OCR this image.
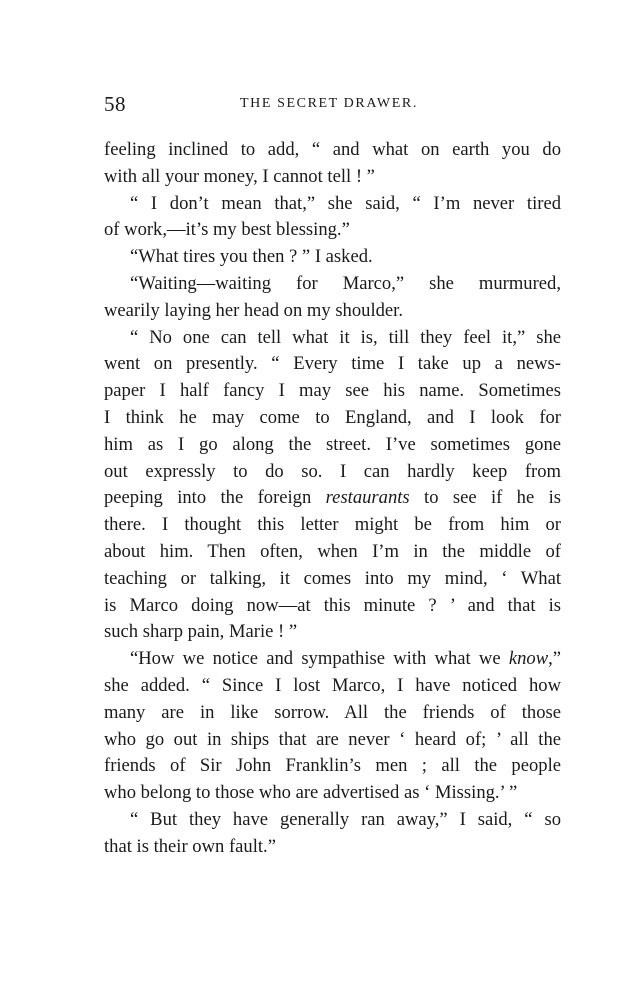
58	THE SECRET DRAWER.
feeling inclined to add, “ and what on earth you do
with all your money, I cannot tell ! ”
“ I don’t mean that,” she said, “ I’m never tired
of work,—it’s my best blessing.”
“What tires you then ? ” I asked.
“Waiting—waiting for Marco,” she murmured,
wearily laying her head on my shoulder.
“ No one can tell what it is, till they feel it,” she
went on presently. “ Every time I take up a news-
paper I half fancy I may see his name. Sometimes
I think he may come to England, and I look for
him as I go along the street. I’ve sometimes gone
out expressly to do so. I can hardly keep from
peeping into the foreign restaurants to see if he is
there. I thought this letter might be from him or
about him. Then often, when I’m in the middle of
teaching or talking, it comes into my mind, ‘ What
is Marco doing now—at this minute ? ’ and that is
such sharp pain, Marie ! ”
“How we notice and sympathise with what we know,”
she added. “ Since I lost Marco, I have noticed how
many are in like sorrow. All the friends of those
who go out in ships that are never ‘ heard of; ’ all the
friends of Sir John Franklin’s men ; all the people
who belong to those who are advertised as ‘ Missing.’ ”
“ But they have generally ran away,” I said, “ so
that is their own fault.”
